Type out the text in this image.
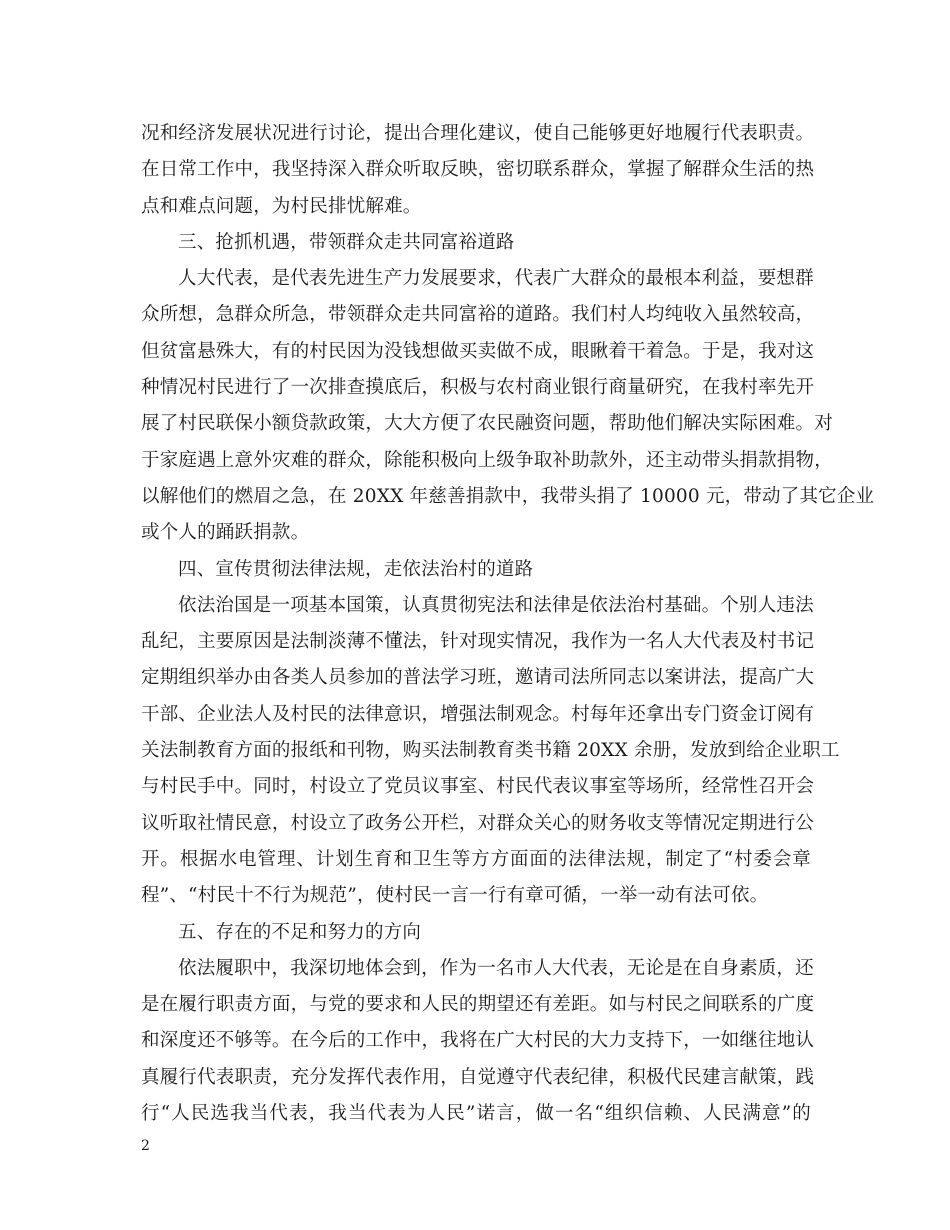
况和经济发展状况进行讨论，提出合理化建议，使自己能够更好地履行代表职责。
在日常工作中，我坚持深入群众听取反映，密切联系群众，掌握了解群众生活的热
点和难点问题，为村民排忧解难。
三、抢抓机遇，带领群众走共同富裕道路
人大代表，是代表先进生产力发展要求，代表广大群众的最根本利益，要想群
众所想，急群众所急，带领群众走共同富裕的道路。我们村人均纯收入虽然较高，
但贫富悬殊大，有的村民因为没钱想做买卖做不成，眼瞅着干着急。于是，我对这
种情况村民进行了一次排查摸底后，积极与农村商业银行商量研究，在我村率先开
展了村民联保小额贷款政策，大大方便了农民融资问题，帮助他们解决实际困难。对
于家庭遇上意外灾难的群众，除能积极向上级争取补助款外，还主动带头捐款捐物，
以解他们的燃眉之急，在 20XX 年慈善捐款中，我带头捐了 10000 元，带动了其它企业
或个人的踊跃捐款。
四、宣传贯彻法律法规，走依法治村的道路
依法治国是一项基本国策，认真贯彻宪法和法律是依法治村基础。个别人违法
乱纪，主要原因是法制淡薄不懂法，针对现实情况，我作为一名人大代表及村书记
定期组织举办由各类人员参加的普法学习班，邀请司法所同志以案讲法，提高广大
干部、企业法人及村民的法律意识，增强法制观念。村每年还拿出专门资金订阅有
关法制教育方面的报纸和刊物，购买法制教育类书籍 20XX 余册，发放到给企业职工
与村民手中。同时，村设立了党员议事室、村民代表议事室等场所，经常性召开会
议听取社情民意，村设立了政务公开栏，对群众关心的财务收支等情况定期进行公
开。根据水电管理、计划生育和卫生等方方面面的法律法规，制定了“村委会章
程”、“村民十不行为规范”，使村民一言一行有章可循，一举一动有法可依。
五、存在的不足和努力的方向
依法履职中，我深切地体会到，作为一名市人大代表，无论是在自身素质，还
是在履行职责方面，与党的要求和人民的期望还有差距。如与村民之间联系的广度
和深度还不够等。在今后的工作中，我将在广大村民的大力支持下，一如继往地认
真履行代表职责，充分发挥代表作用，自觉遵守代表纪律，积极代民建言献策，践
行“人民选我当代表，我当代表为人民”诺言，做一名“组织信赖、人民满意”的
2
